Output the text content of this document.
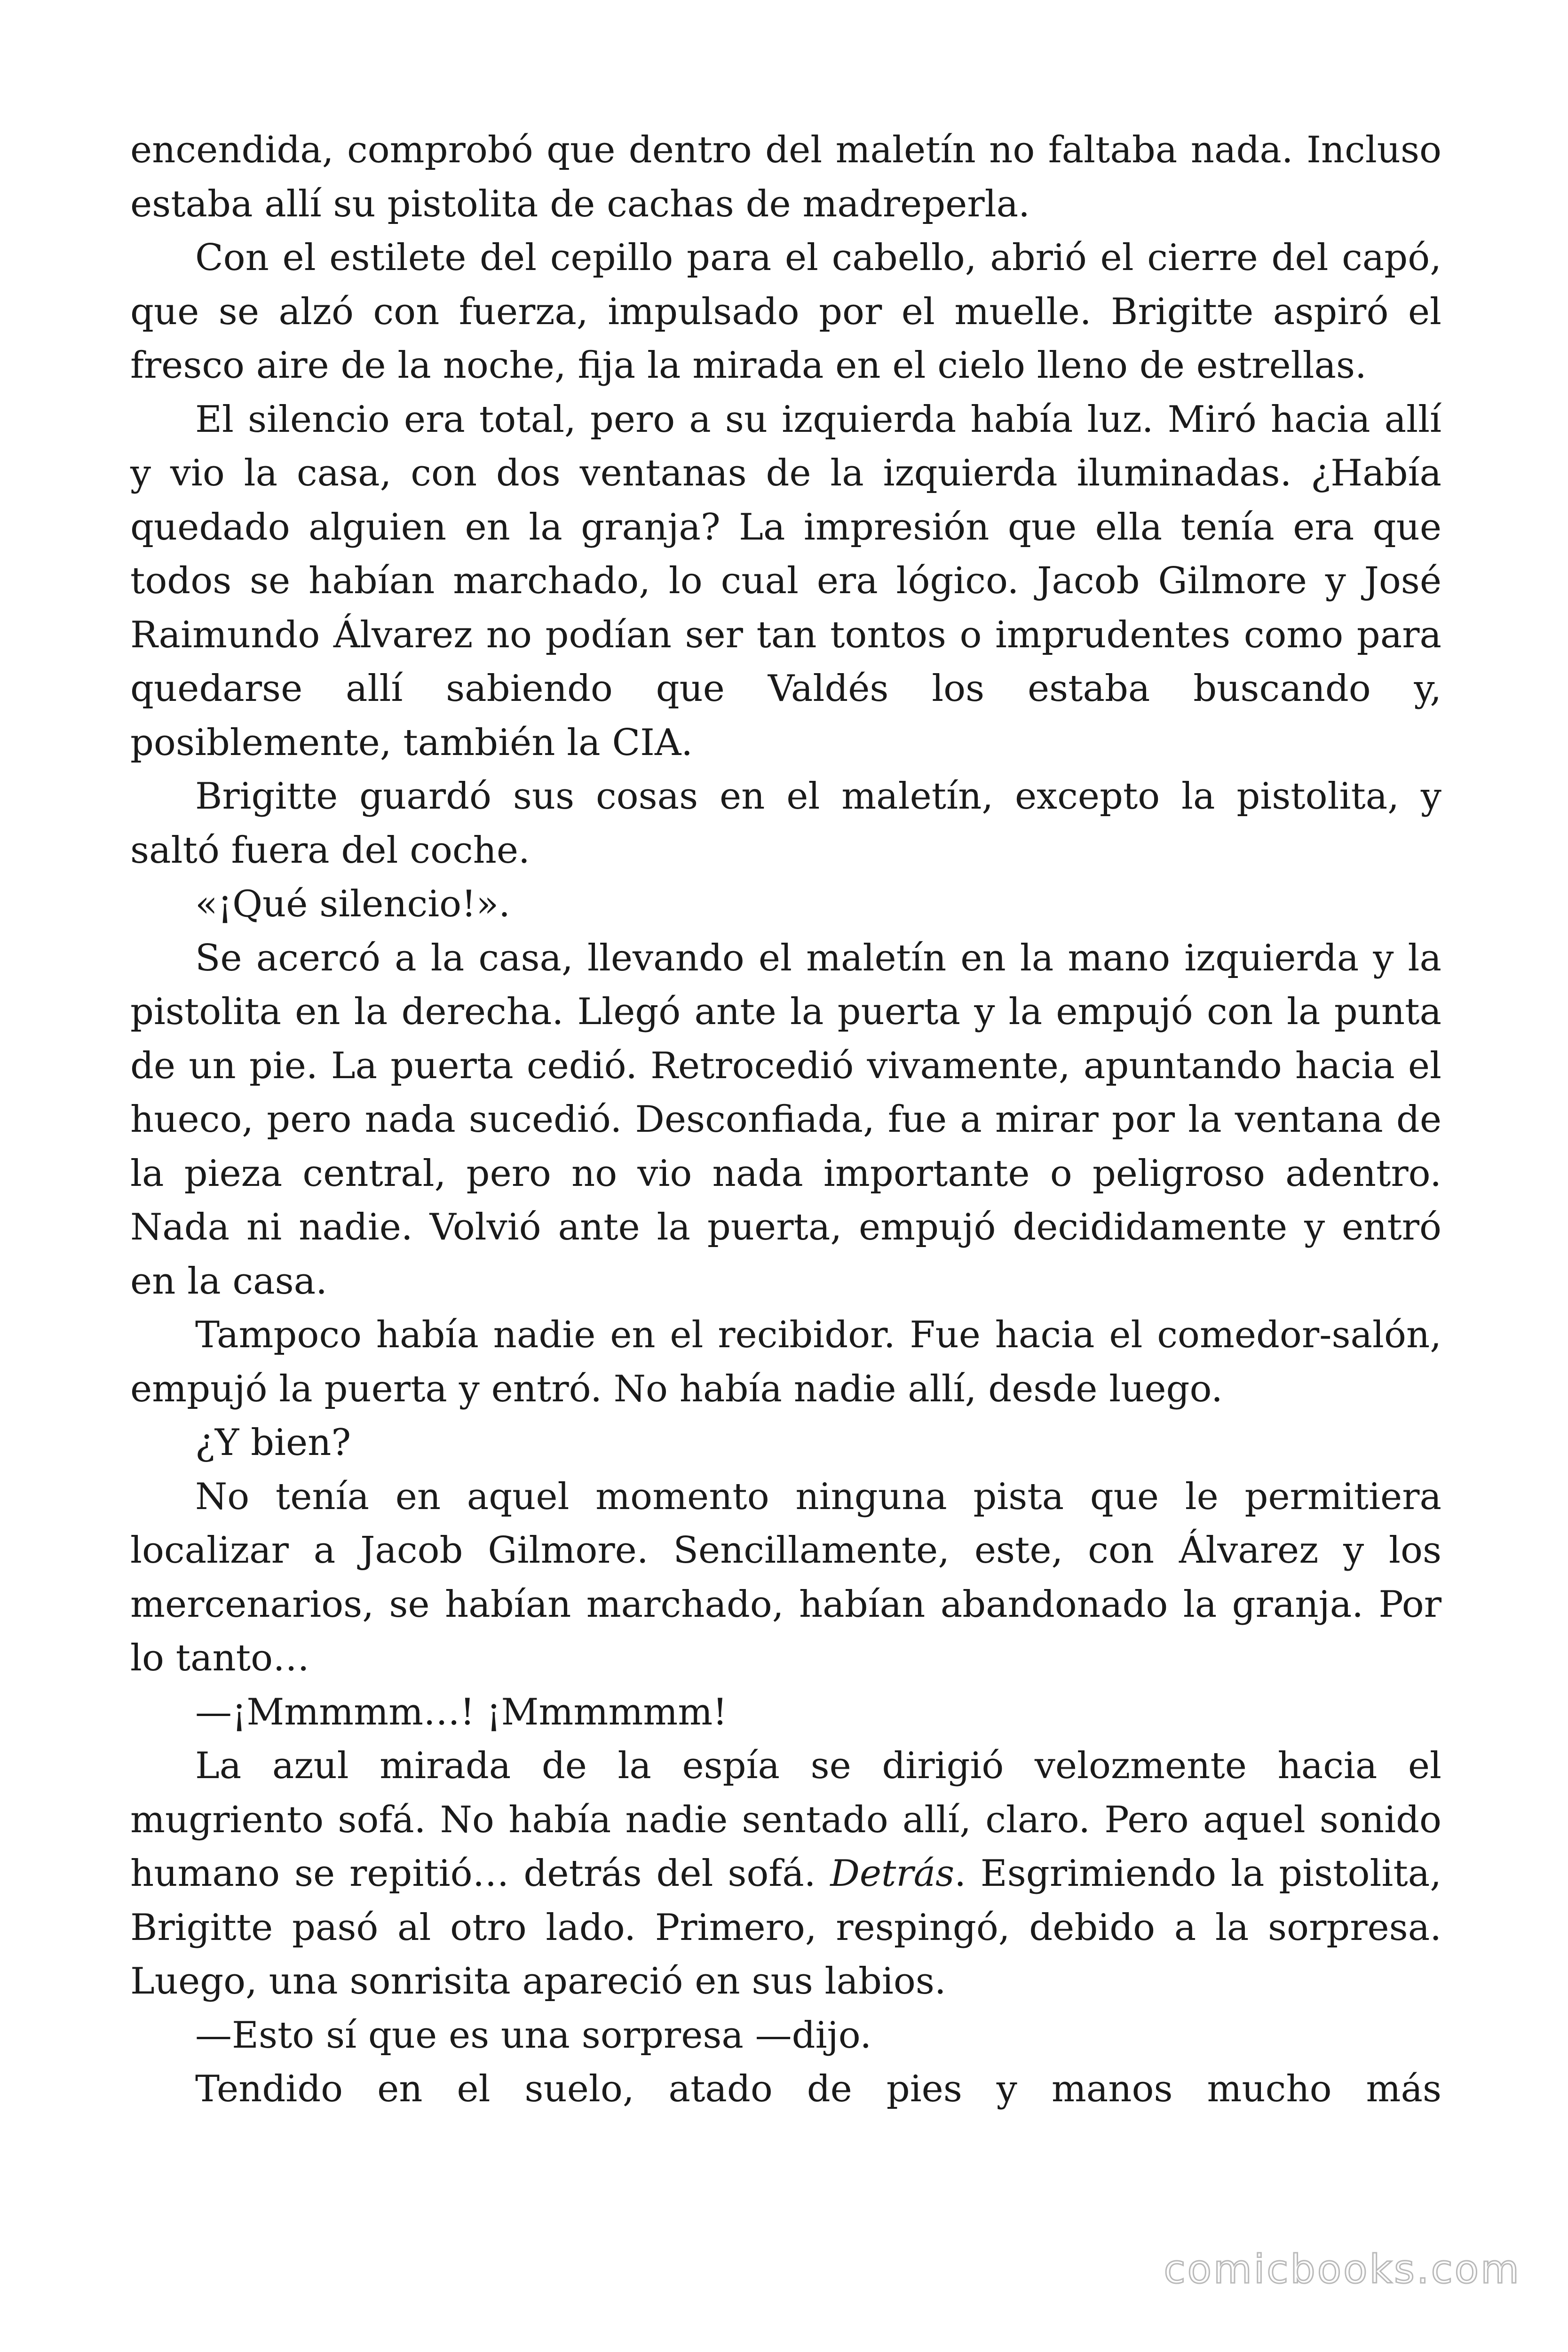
encendida, comprobó que dentro del maletín no faltaba nada. Incluso estaba allí su pistolita de cachas de madreperla.

Con el estilete del cepillo para el cabello, abrió el cierre del capó, que se alzó con fuerza, impulsado por el muelle. Brigitte aspiró el fresco aire de la noche, fija la mirada en el cielo lleno de estrellas.

El silencio era total, pero a su izquierda había luz. Miró hacia allí y vio la casa, con dos ventanas de la izquierda iluminadas. ¿Había quedado alguien en la granja? La impresión que ella tenía era que todos se habían marchado, lo cual era lógico. Jacob Gilmore y José Raimundo Álvarez no podían ser tan tontos o imprudentes como para quedarse allí sabiendo que Valdés los estaba buscando y, posiblemente, también la CIA.

Brigitte guardó sus cosas en el maletín, excepto la pistolita, y saltó fuera del coche.

«¡Qué silencio!».

Se acercó a la casa, llevando el maletín en la mano izquierda y la pistolita en la derecha. Llegó ante la puerta y la empujó con la punta de un pie. La puerta cedió. Retrocedió vivamente, apuntando hacia el hueco, pero nada sucedió. Desconfiada, fue a mirar por la ventana de la pieza central, pero no vio nada importante o peligroso adentro. Nada ni nadie. Volvió ante la puerta, empujó decididamente y entró en la casa.

Tampoco había nadie en el recibidor. Fue hacia el comedor-salón, empujó la puerta y entró. No había nadie allí, desde luego.

¿Y bien?

No tenía en aquel momento ninguna pista que le permitiera localizar a Jacob Gilmore. Sencillamente, este, con Álvarez y los mercenarios, se habían marchado, habían abandonado la granja. Por lo tanto…

—¡Mmmmm…! ¡Mmmmmm!

La azul mirada de la espía se dirigió velozmente hacia el mugriento sofá. No había nadie sentado allí, claro. Pero aquel sonido humano se repitió… detrás del sofá. Detrás. Esgrimiendo la pistolita, Brigitte pasó al otro lado. Primero, respingó, debido a la sorpresa. Luego, una sonrisita apareció en sus labios.

—Esto sí que es una sorpresa —dijo.

Tendido en el suelo, atado de pies y manos mucho más

comicbooks.com
